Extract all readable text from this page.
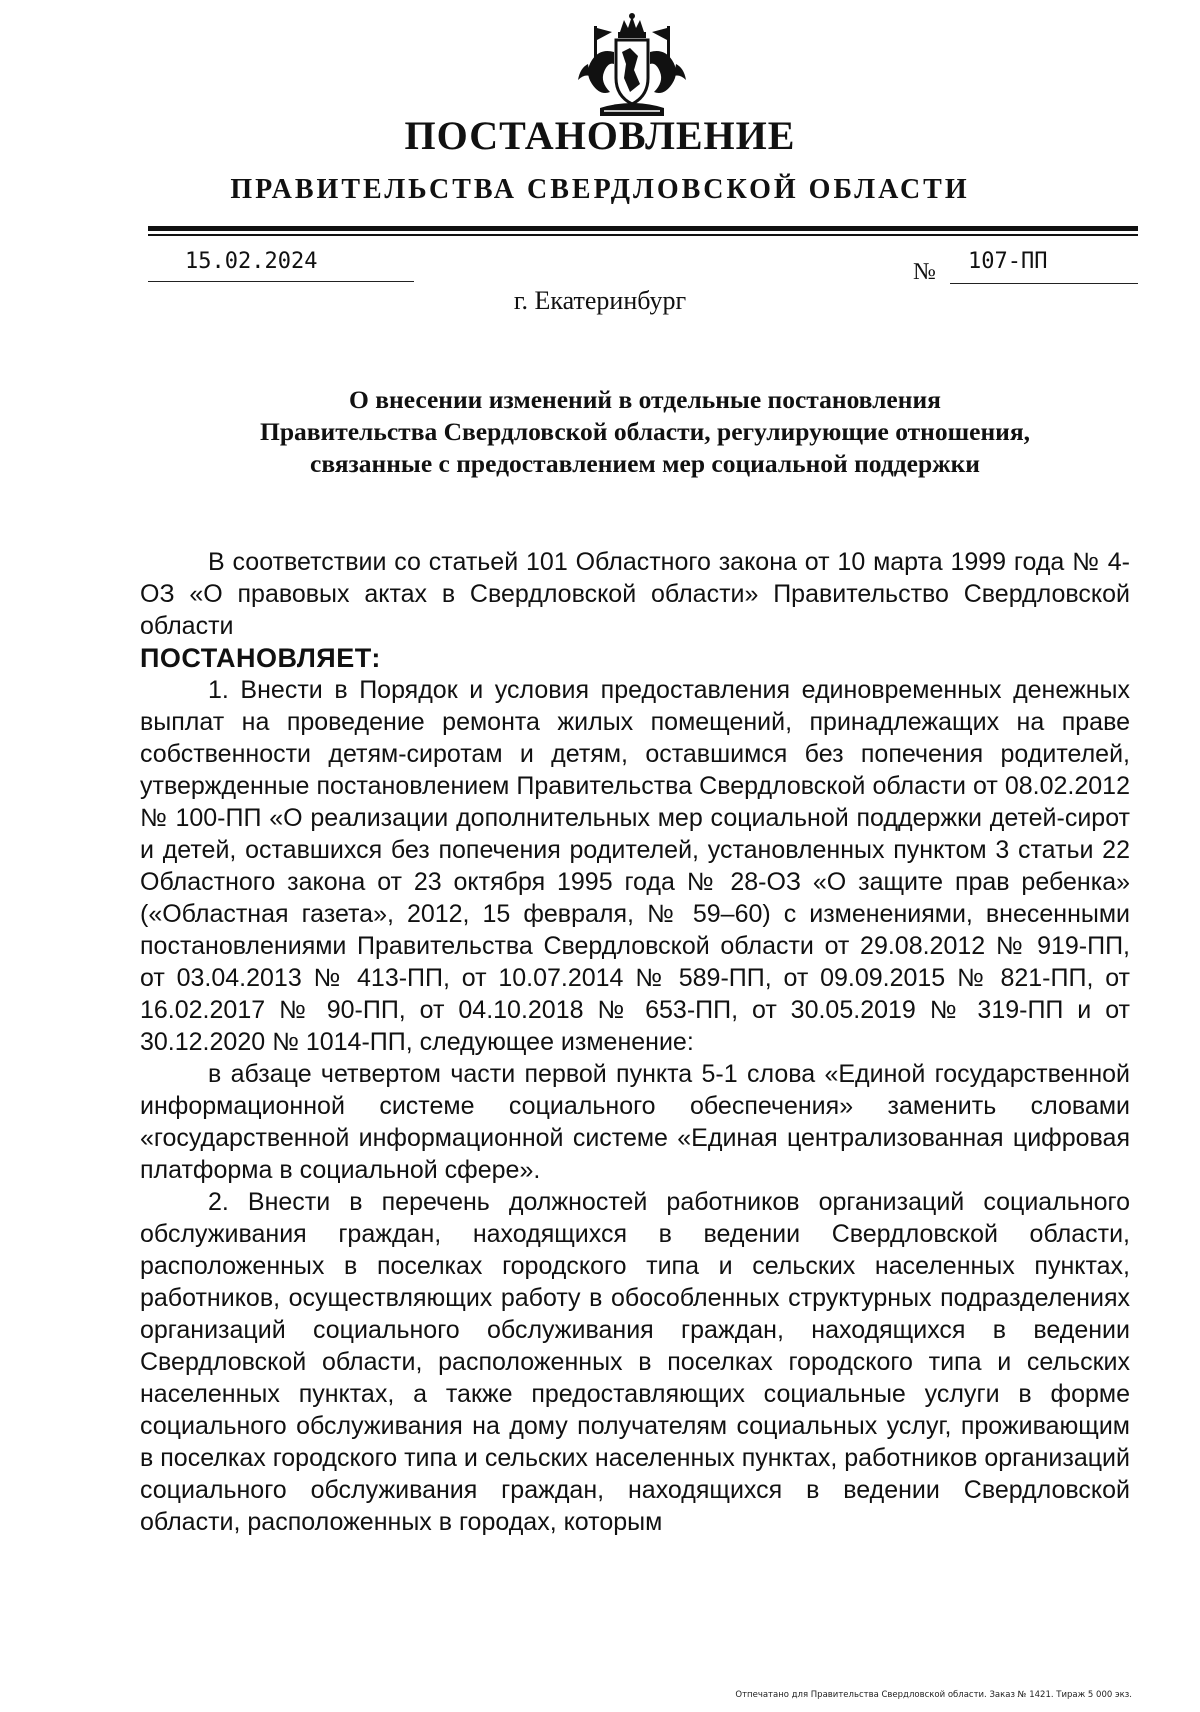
ПОСТАНОВЛЕНИЕ
ПРАВИТЕЛЬСТВА СВЕРДЛОВСКОЙ ОБЛАСТИ
15.02.2024	№ 107-ПП
г. Екатеринбург
О внесении изменений в отдельные постановления
Правительства Свердловской области, регулирующие отношения,
связанные с предоставлением мер социальной поддержки

В соответствии со статьей 101 Областного закона от 10 марта 1999 года № 4-ОЗ «О правовых актах в Свердловской области» Правительство Свердловской области

ПОСТАНОВЛЯЕТ:

1. Внести в Порядок и условия предоставления единовременных денежных выплат на проведение ремонта жилых помещений, принадлежащих на праве собственности детям-сиротам и детям, оставшимся без попечения родителей, утвержденные постановлением Правительства Свердловской области от 08.02.2012 № 100-ПП «О реализации дополнительных мер социальной поддержки детей-сирот и детей, оставшихся без попечения родителей, установленных пунктом 3 статьи 22 Областного закона от 23 октября 1995 года № 28-ОЗ «О защите прав ребенка» («Областная газета», 2012, 15 февраля, № 59–60) с изменениями, внесенными постановлениями Правительства Свердловской области от 29.08.2012 № 919-ПП, от 03.04.2013 № 413-ПП, от 10.07.2014 № 589-ПП, от 09.09.2015 № 821-ПП, от 16.02.2017 № 90-ПП, от 04.10.2018 № 653-ПП, от 30.05.2019 № 319-ПП и от 30.12.2020 № 1014-ПП, следующее изменение:

в абзаце четвертом части первой пункта 5-1 слова «Единой государственной информационной системе социального обеспечения» заменить словами «государственной информационной системе «Единая централизованная цифровая платформа в социальной сфере».

2. Внести в перечень должностей работников организаций социального обслуживания граждан, находящихся в ведении Свердловской области, расположенных в поселках городского типа и сельских населенных пунктах, работников, осуществляющих работу в обособленных структурных подразделениях организаций социального обслуживания граждан, находящихся в ведении Свердловской области, расположенных в поселках городского типа и сельских населенных пунктах, а также предоставляющих социальные услуги в форме социального обслуживания на дому получателям социальных услуг, проживающим в поселках городского типа и сельских населенных пунктах, работников организаций социального обслуживания граждан, находящихся в ведении Свердловской области, расположенных в городах, которым

Отпечатано для Правительства Свердловской области. Заказ № 1421. Тираж 5 000 экз.
